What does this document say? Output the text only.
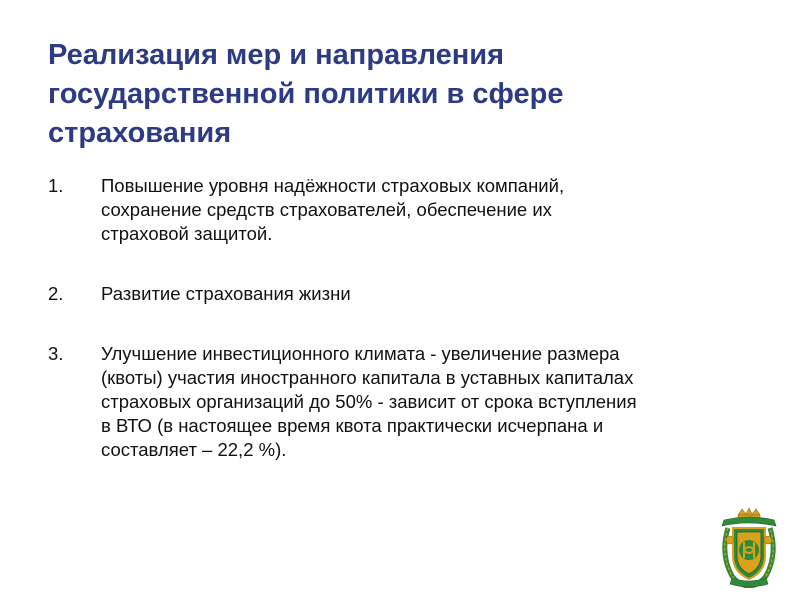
Реализация мер и направления
государственной политики в сфере
страхования
1.	Повышение уровня надёжности страховых компаний,
сохранение средств страхователей, обеспечение их
страховой защитой.
2.	Развитие страхования жизни
3.	Улучшение инвестиционного климата - увеличение размера
(квоты) участия иностранного капитала в уставных капиталах
страховых организаций до 50% - зависит от срока вступления
в ВТО (в настоящее время квота практически исчерпана и
составляет – 22,2 %).
